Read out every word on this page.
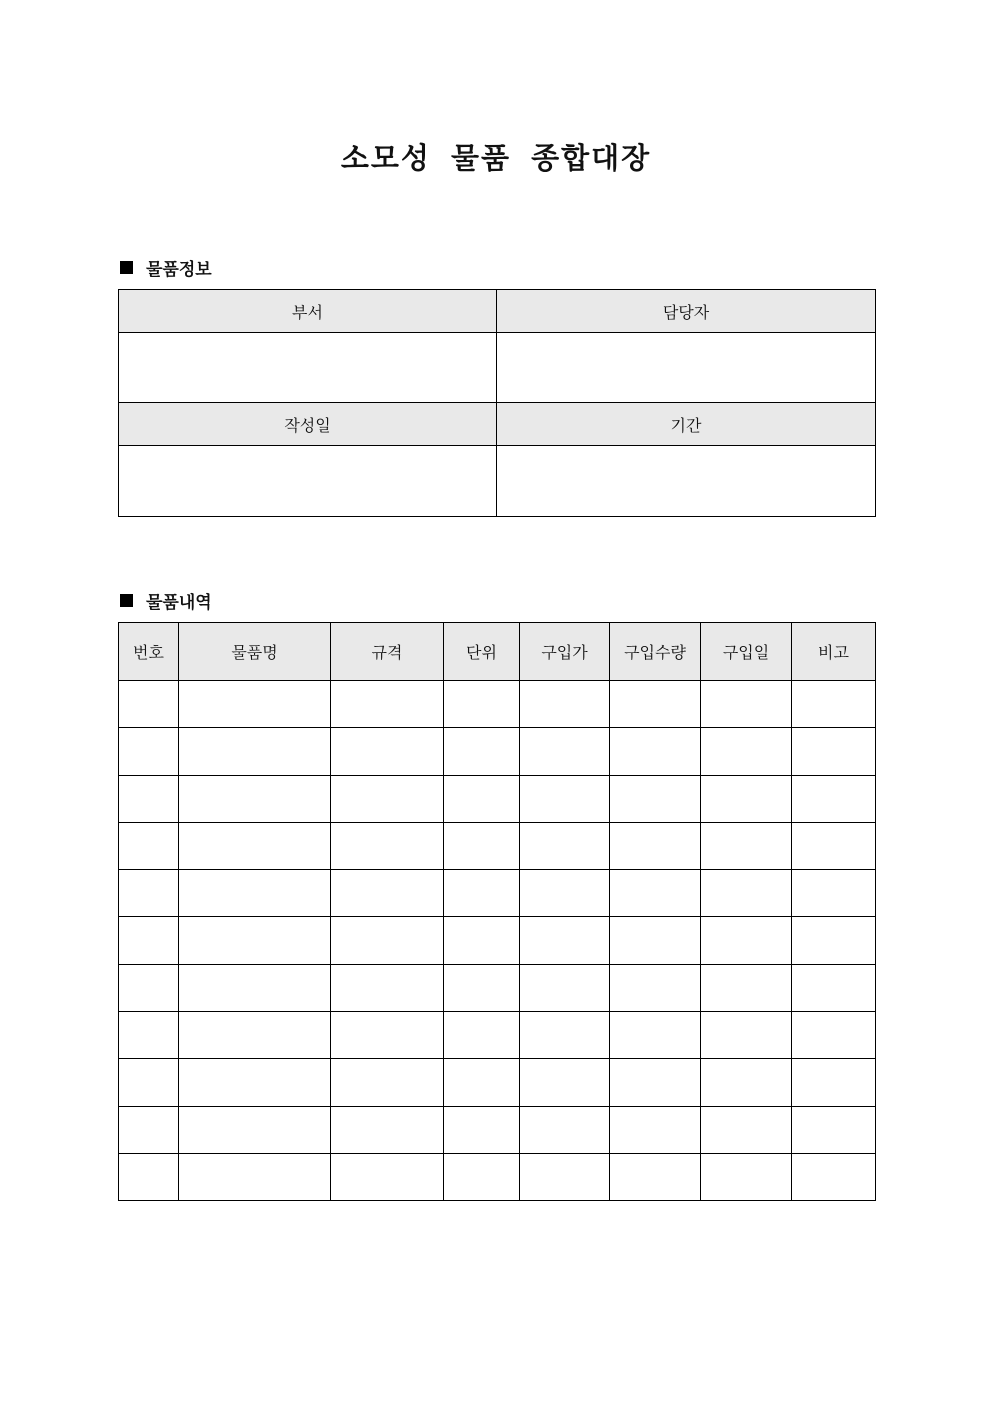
소모성 물품 종합대장
물품정보
부서	담당자

작성일	기간

물품내역
번호	물품명	규격	단위	구입가	구입수량	구입일	비고
